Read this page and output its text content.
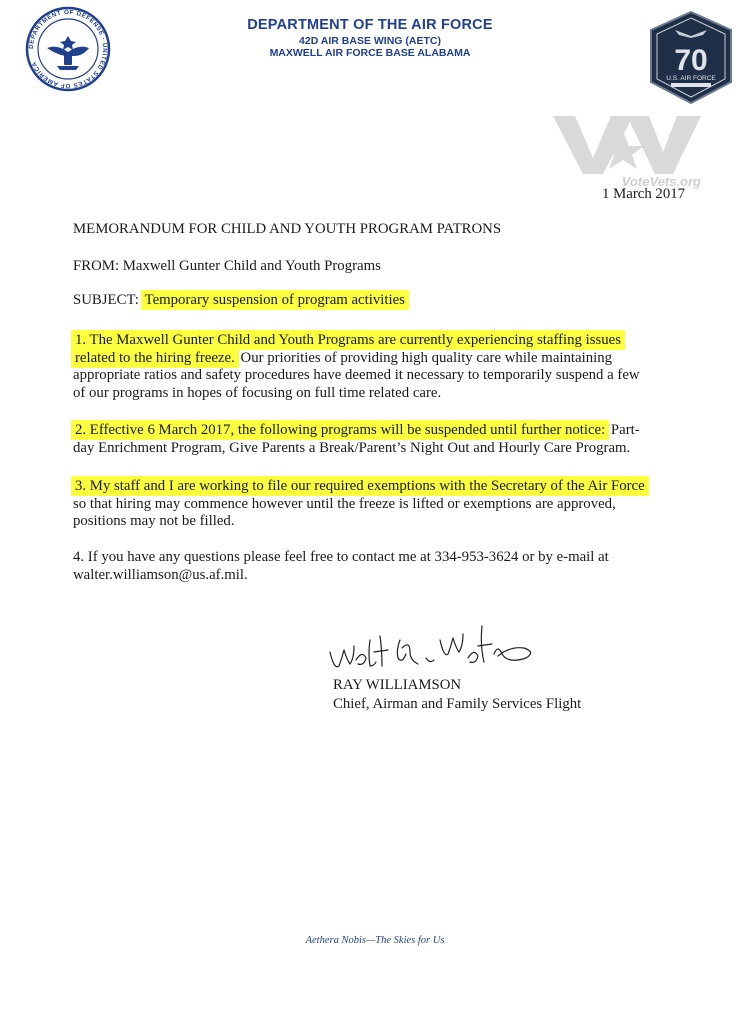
DEPARTMENT OF THE AIR FORCE
42D AIR BASE WING (AETC)
MAXWELL AIR FORCE BASE ALABAMA
DEPARTMENT OF DEFENSE · UNITED STATES OF AMERICA	70
U.S. AIR FORCE
VoteVets.org
1 March 2017
MEMORANDUM FOR CHILD AND YOUTH PROGRAM PATRONS
FROM: Maxwell Gunter Child and Youth Programs
SUBJECT: Temporary suspension of program activities
1. The Maxwell Gunter Child and Youth Programs are currently experiencing staffing issues
related to the hiring freeze. Our priorities of providing high quality care while maintaining
appropriate ratios and safety procedures have deemed it necessary to temporarily suspend a few
of our programs in hopes of focusing on full time related care.
2. Effective 6 March 2017, the following programs will be suspended until further notice: Part-
day Enrichment Program, Give Parents a Break/Parent’s Night Out and Hourly Care Program.
3. My staff and I are working to file our required exemptions with the Secretary of the Air Force
so that hiring may commence however until the freeze is lifted or exemptions are approved,
positions may not be filled.
4. If you have any questions please feel free to contact me at 334-953-3624 or by e-mail at
walter.williamson@us.af.mil.
RAY WILLIAMSON
Chief, Airman and Family Services Flight
Aethera Nobis—The Skies for Us
